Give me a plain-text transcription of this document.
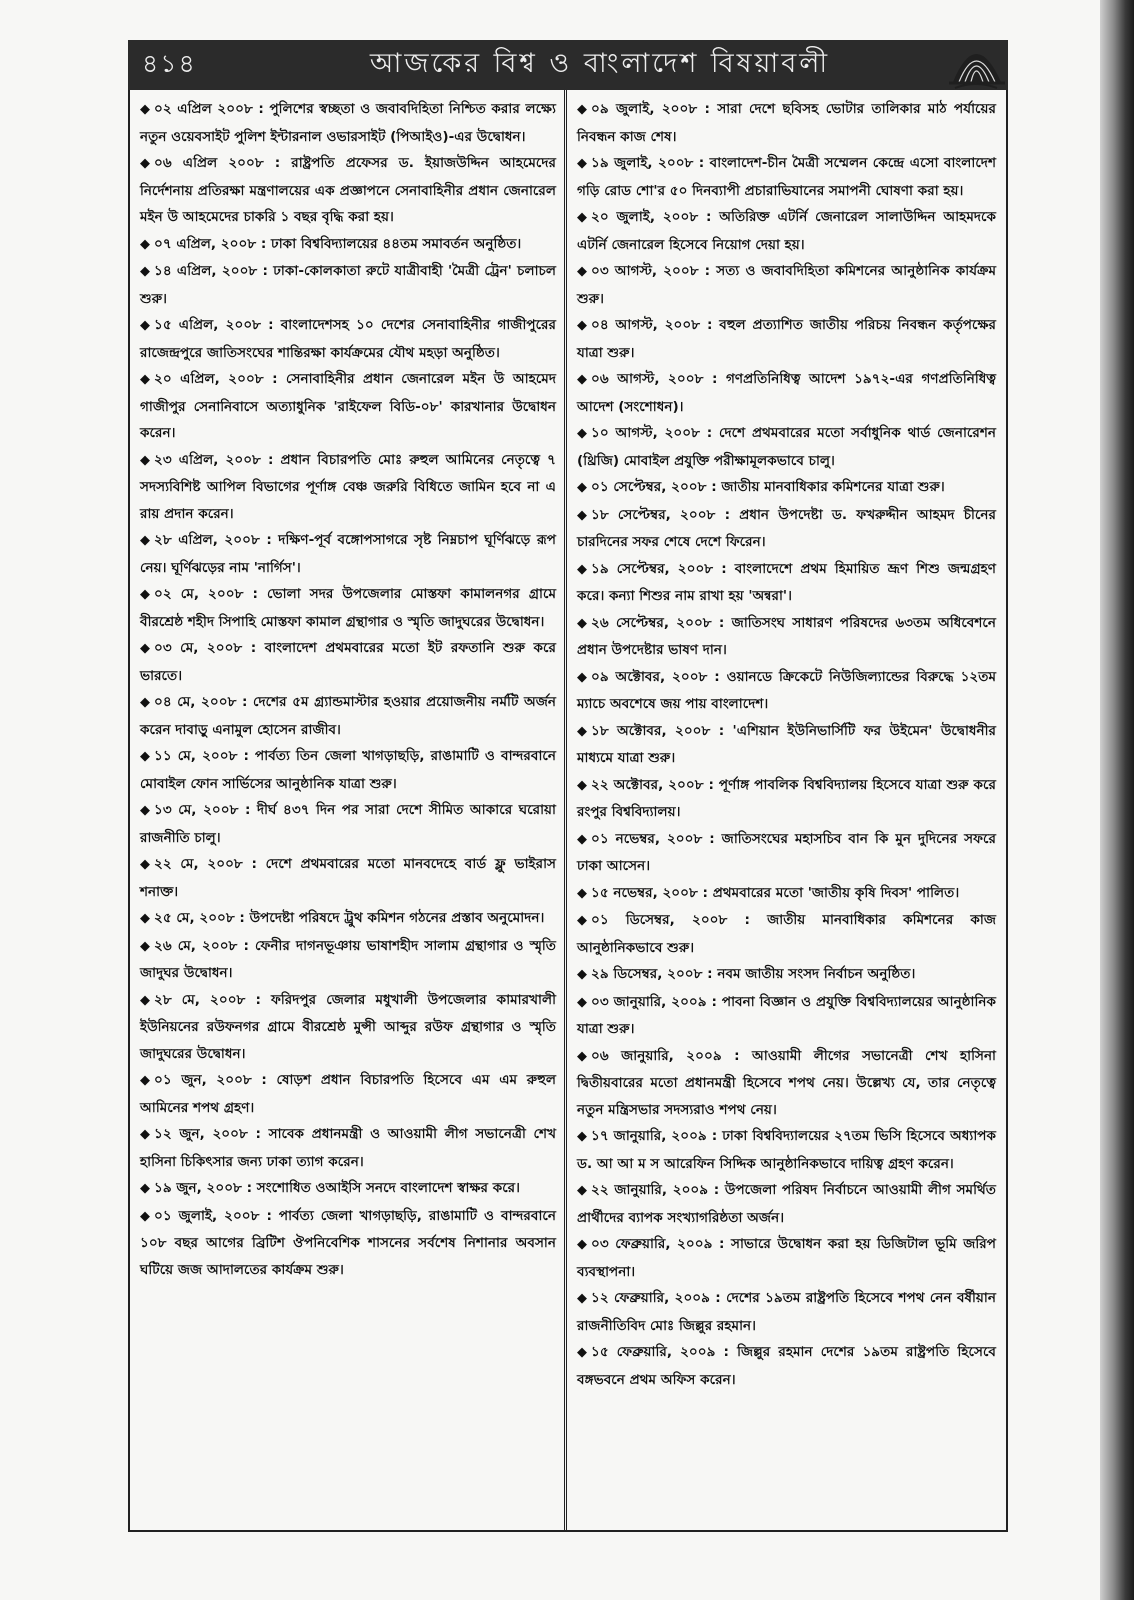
৪১৪	আজকের বিশ্ব ও বাংলাদেশ বিষয়াবলী

◆ ০২ এপ্রিল ২০০৮ : পুলিশের স্বচ্ছতা ও জবাবদিহিতা নিশ্চিত করার লক্ষ্যে নতুন ওয়েবসাইট পুলিশ ইন্টারনাল ওভারসাইট (পিআইও)-এর উদ্বোধন।

◆ ০৬ এপ্রিল ২০০৮ : রাষ্ট্রপতি প্রফেসর ড. ইয়াজউদ্দিন আহমেদের নির্দেশনায় প্রতিরক্ষা মন্ত্রণালয়ের এক প্রজ্ঞাপনে সেনাবাহিনীর প্রধান জেনারেল মইন উ আহমেদের চাকরি ১ বছর বৃদ্ধি করা হয়।

◆ ০৭ এপ্রিল, ২০০৮ : ঢাকা বিশ্ববিদ্যালয়ের ৪৪তম সমাবর্তন অনুষ্ঠিত।

◆ ১৪ এপ্রিল, ২০০৮ : ঢাকা-কোলকাতা রুটে যাত্রীবাহী 'মৈত্রী ট্রেন' চলাচল শুরু।

◆ ১৫ এপ্রিল, ২০০৮ : বাংলাদেশসহ ১০ দেশের সেনাবাহিনীর গাজীপুরের রাজেন্দ্রপুরে জাতিসংঘের শান্তিরক্ষা কার্যক্রমের যৌথ মহড়া অনুষ্ঠিত।

◆ ২০ এপ্রিল, ২০০৮ : সেনাবাহিনীর প্রধান জেনারেল মইন উ আহমেদ গাজীপুর সেনানিবাসে অত্যাধুনিক 'রাইফেল বিডি-০৮' কারখানার উদ্বোধন করেন।

◆ ২৩ এপ্রিল, ২০০৮ : প্রধান বিচারপতি মোঃ রুহুল আমিনের নেতৃত্বে ৭ সদস্যবিশিষ্ট আপিল বিভাগের পূর্ণাঙ্গ বেঞ্চ জরুরি বিধিতে জামিন হবে না এ রায় প্রদান করেন।

◆ ২৮ এপ্রিল, ২০০৮ : দক্ষিণ-পূর্ব বঙ্গোপসাগরে সৃষ্ট নিম্নচাপ ঘূর্ণিঝড়ে রূপ নেয়। ঘূর্ণিঝড়ের নাম 'নার্গিস'।

◆ ০২ মে, ২০০৮ : ভোলা সদর উপজেলার মোস্তফা কামালনগর গ্রামে বীরশ্রেষ্ঠ শহীদ সিপাহি মোস্তফা কামাল গ্রন্থাগার ও স্মৃতি জাদুঘরের উদ্বোধন।

◆ ০৩ মে, ২০০৮ : বাংলাদেশ প্রথমবারের মতো ইট রফতানি শুরু করে ভারতে।

◆ ০৪ মে, ২০০৮ : দেশের ৫ম গ্র্যান্ডমাস্টার হওয়ার প্রয়োজনীয় নর্মটি অর্জন করেন দাবাড়ু এনামুল হোসেন রাজীব।

◆ ১১ মে, ২০০৮ : পার্বত্য তিন জেলা খাগড়াছড়ি, রাঙামাটি ও বান্দরবানে মোবাইল ফোন সার্ভিসের আনুষ্ঠানিক যাত্রা শুরু।

◆ ১৩ মে, ২০০৮ : দীর্ঘ ৪৩৭ দিন পর সারা দেশে সীমিত আকারে ঘরোয়া রাজনীতি চালু।

◆ ২২ মে, ২০০৮ : দেশে প্রথমবারের মতো মানবদেহে বার্ড ফ্লু ভাইরাস শনাক্ত।

◆ ২৫ মে, ২০০৮ : উপদেষ্টা পরিষদে ট্রুথ কমিশন গঠনের প্রস্তাব অনুমোদন।

◆ ২৬ মে, ২০০৮ : ফেনীর দাগনভূঞায় ভাষাশহীদ সালাম গ্রন্থাগার ও স্মৃতি জাদুঘর উদ্বোধন।

◆ ২৮ মে, ২০০৮ : ফরিদপুর জেলার মধুখালী উপজেলার কামারখালী ইউনিয়নের রউফনগর গ্রামে বীরশ্রেষ্ঠ মুন্সী আব্দুর রউফ গ্রন্থাগার ও স্মৃতি জাদুঘরের উদ্বোধন।

◆ ০১ জুন, ২০০৮ : ষোড়শ প্রধান বিচারপতি হিসেবে এম এম রুহুল আমিনের শপথ গ্রহণ।

◆ ১২ জুন, ২০০৮ : সাবেক প্রধানমন্ত্রী ও আওয়ামী লীগ সভানেত্রী শেখ হাসিনা চিকিৎসার জন্য ঢাকা ত্যাগ করেন।

◆ ১৯ জুন, ২০০৮ : সংশোধিত ওআইসি সনদে বাংলাদেশ স্বাক্ষর করে।

◆ ০১ জুলাই, ২০০৮ : পার্বত্য জেলা খাগড়াছড়ি, রাঙামাটি ও বান্দরবানে ১০৮ বছর আগের ব্রিটিশ ঔপনিবেশিক শাসনের সর্বশেষ নিশানার অবসান ঘটিয়ে জজ আদালতের কার্যক্রম শুরু।

◆ ০৯ জুলাই, ২০০৮ : সারা দেশে ছবিসহ ভোটার তালিকার মাঠ পর্যায়ের নিবন্ধন কাজ শেষ।

◆ ১৯ জুলাই, ২০০৮ : বাংলাদেশ-চীন মৈত্রী সম্মেলন কেন্দ্রে এসো বাংলাদেশ গড়ি রোড শো'র ৫০ দিনব্যাপী প্রচারাভিযানের সমাপনী ঘোষণা করা হয়।

◆ ২০ জুলাই, ২০০৮ : অতিরিক্ত এটর্নি জেনারেল সালাউদ্দিন আহমদকে এটর্নি জেনারেল হিসেবে নিয়োগ দেয়া হয়।

◆ ০৩ আগস্ট, ২০০৮ : সত্য ও জবাবদিহিতা কমিশনের আনুষ্ঠানিক কার্যক্রম শুরু।

◆ ০৪ আগস্ট, ২০০৮ : বহুল প্রত্যাশিত জাতীয় পরিচয় নিবন্ধন কর্তৃপক্ষের যাত্রা শুরু।

◆ ০৬ আগস্ট, ২০০৮ : গণপ্রতিনিধিত্ব আদেশ ১৯৭২-এর গণপ্রতিনিধিত্ব আদেশ (সংশোধন)।

◆ ১০ আগস্ট, ২০০৮ : দেশে প্রথমবারের মতো সর্বাধুনিক থার্ড জেনারেশন (থ্রিজি) মোবাইল প্রযুক্তি পরীক্ষামূলকভাবে চালু।

◆ ০১ সেপ্টেম্বর, ২০০৮ : জাতীয় মানবাধিকার কমিশনের যাত্রা শুরু।

◆ ১৮ সেপ্টেম্বর, ২০০৮ : প্রধান উপদেষ্টা ড. ফখরুদ্দীন আহমদ চীনের চারদিনের সফর শেষে দেশে ফিরেন।

◆ ১৯ সেপ্টেম্বর, ২০০৮ : বাংলাদেশে প্রথম হিমায়িত ভ্রূণ শিশু জন্মগ্রহণ করে। কন্যা শিশুর নাম রাখা হয় 'অন্বরা'।

◆ ২৬ সেপ্টেম্বর, ২০০৮ : জাতিসংঘ সাধারণ পরিষদের ৬৩তম অধিবেশনে প্রধান উপদেষ্টার ভাষণ দান।

◆ ০৯ অক্টোবর, ২০০৮ : ওয়ানডে ক্রিকেটে নিউজিল্যান্ডের বিরুদ্ধে ১২তম ম্যাচে অবশেষে জয় পায় বাংলাদেশ।

◆ ১৮ অক্টোবর, ২০০৮ : 'এশিয়ান ইউনিভার্সিটি ফর উইমেন' উদ্বোধনীর মাধ্যমে যাত্রা শুরু।

◆ ২২ অক্টোবর, ২০০৮ : পূর্ণাঙ্গ পাবলিক বিশ্ববিদ্যালয় হিসেবে যাত্রা শুরু করে রংপুর বিশ্ববিদ্যালয়।

◆ ০১ নভেম্বর, ২০০৮ : জাতিসংঘের মহাসচিব বান কি মুন দুদিনের সফরে ঢাকা আসেন।

◆ ১৫ নভেম্বর, ২০০৮ : প্রথমবারের মতো 'জাতীয় কৃষি দিবস' পালিত।

◆ ০১ ডিসেম্বর, ২০০৮ : জাতীয় মানবাধিকার কমিশনের কাজ আনুষ্ঠানিকভাবে শুরু।

◆ ২৯ ডিসেম্বর, ২০০৮ : নবম জাতীয় সংসদ নির্বাচন অনুষ্ঠিত।

◆ ০৩ জানুয়ারি, ২০০৯ : পাবনা বিজ্ঞান ও প্রযুক্তি বিশ্ববিদ্যালয়ের আনুষ্ঠানিক যাত্রা শুরু।

◆ ০৬ জানুয়ারি, ২০০৯ : আওয়ামী লীগের সভানেত্রী শেখ হাসিনা দ্বিতীয়বারের মতো প্রধানমন্ত্রী হিসেবে শপথ নেয়। উল্লেখ্য যে, তার নেতৃত্বে নতুন মন্ত্রিসভার সদস্যরাও শপথ নেয়।

◆ ১৭ জানুয়ারি, ২০০৯ : ঢাকা বিশ্ববিদ্যালয়ের ২৭তম ভিসি হিসেবে অধ্যাপক ড. আ আ ম স আরেফিন সিদ্দিক আনুষ্ঠানিকভাবে দায়িত্ব গ্রহণ করেন।

◆ ২২ জানুয়ারি, ২০০৯ : উপজেলা পরিষদ নির্বাচনে আওয়ামী লীগ সমর্থিত প্রার্থীদের ব্যাপক সংখ্যাগরিষ্ঠতা অর্জন।

◆ ০৩ ফেব্রুয়ারি, ২০০৯ : সাভারে উদ্বোধন করা হয় ডিজিটাল ভূমি জরিপ ব্যবস্থাপনা।

◆ ১২ ফেব্রুয়ারি, ২০০৯ : দেশের ১৯তম রাষ্ট্রপতি হিসেবে শপথ নেন বর্ষীয়ান রাজনীতিবিদ মোঃ জিল্লুর রহমান।

◆ ১৫ ফেব্রুয়ারি, ২০০৯ : জিল্লুর রহমান দেশের ১৯তম রাষ্ট্রপতি হিসেবে বঙ্গভবনে প্রথম অফিস করেন।
